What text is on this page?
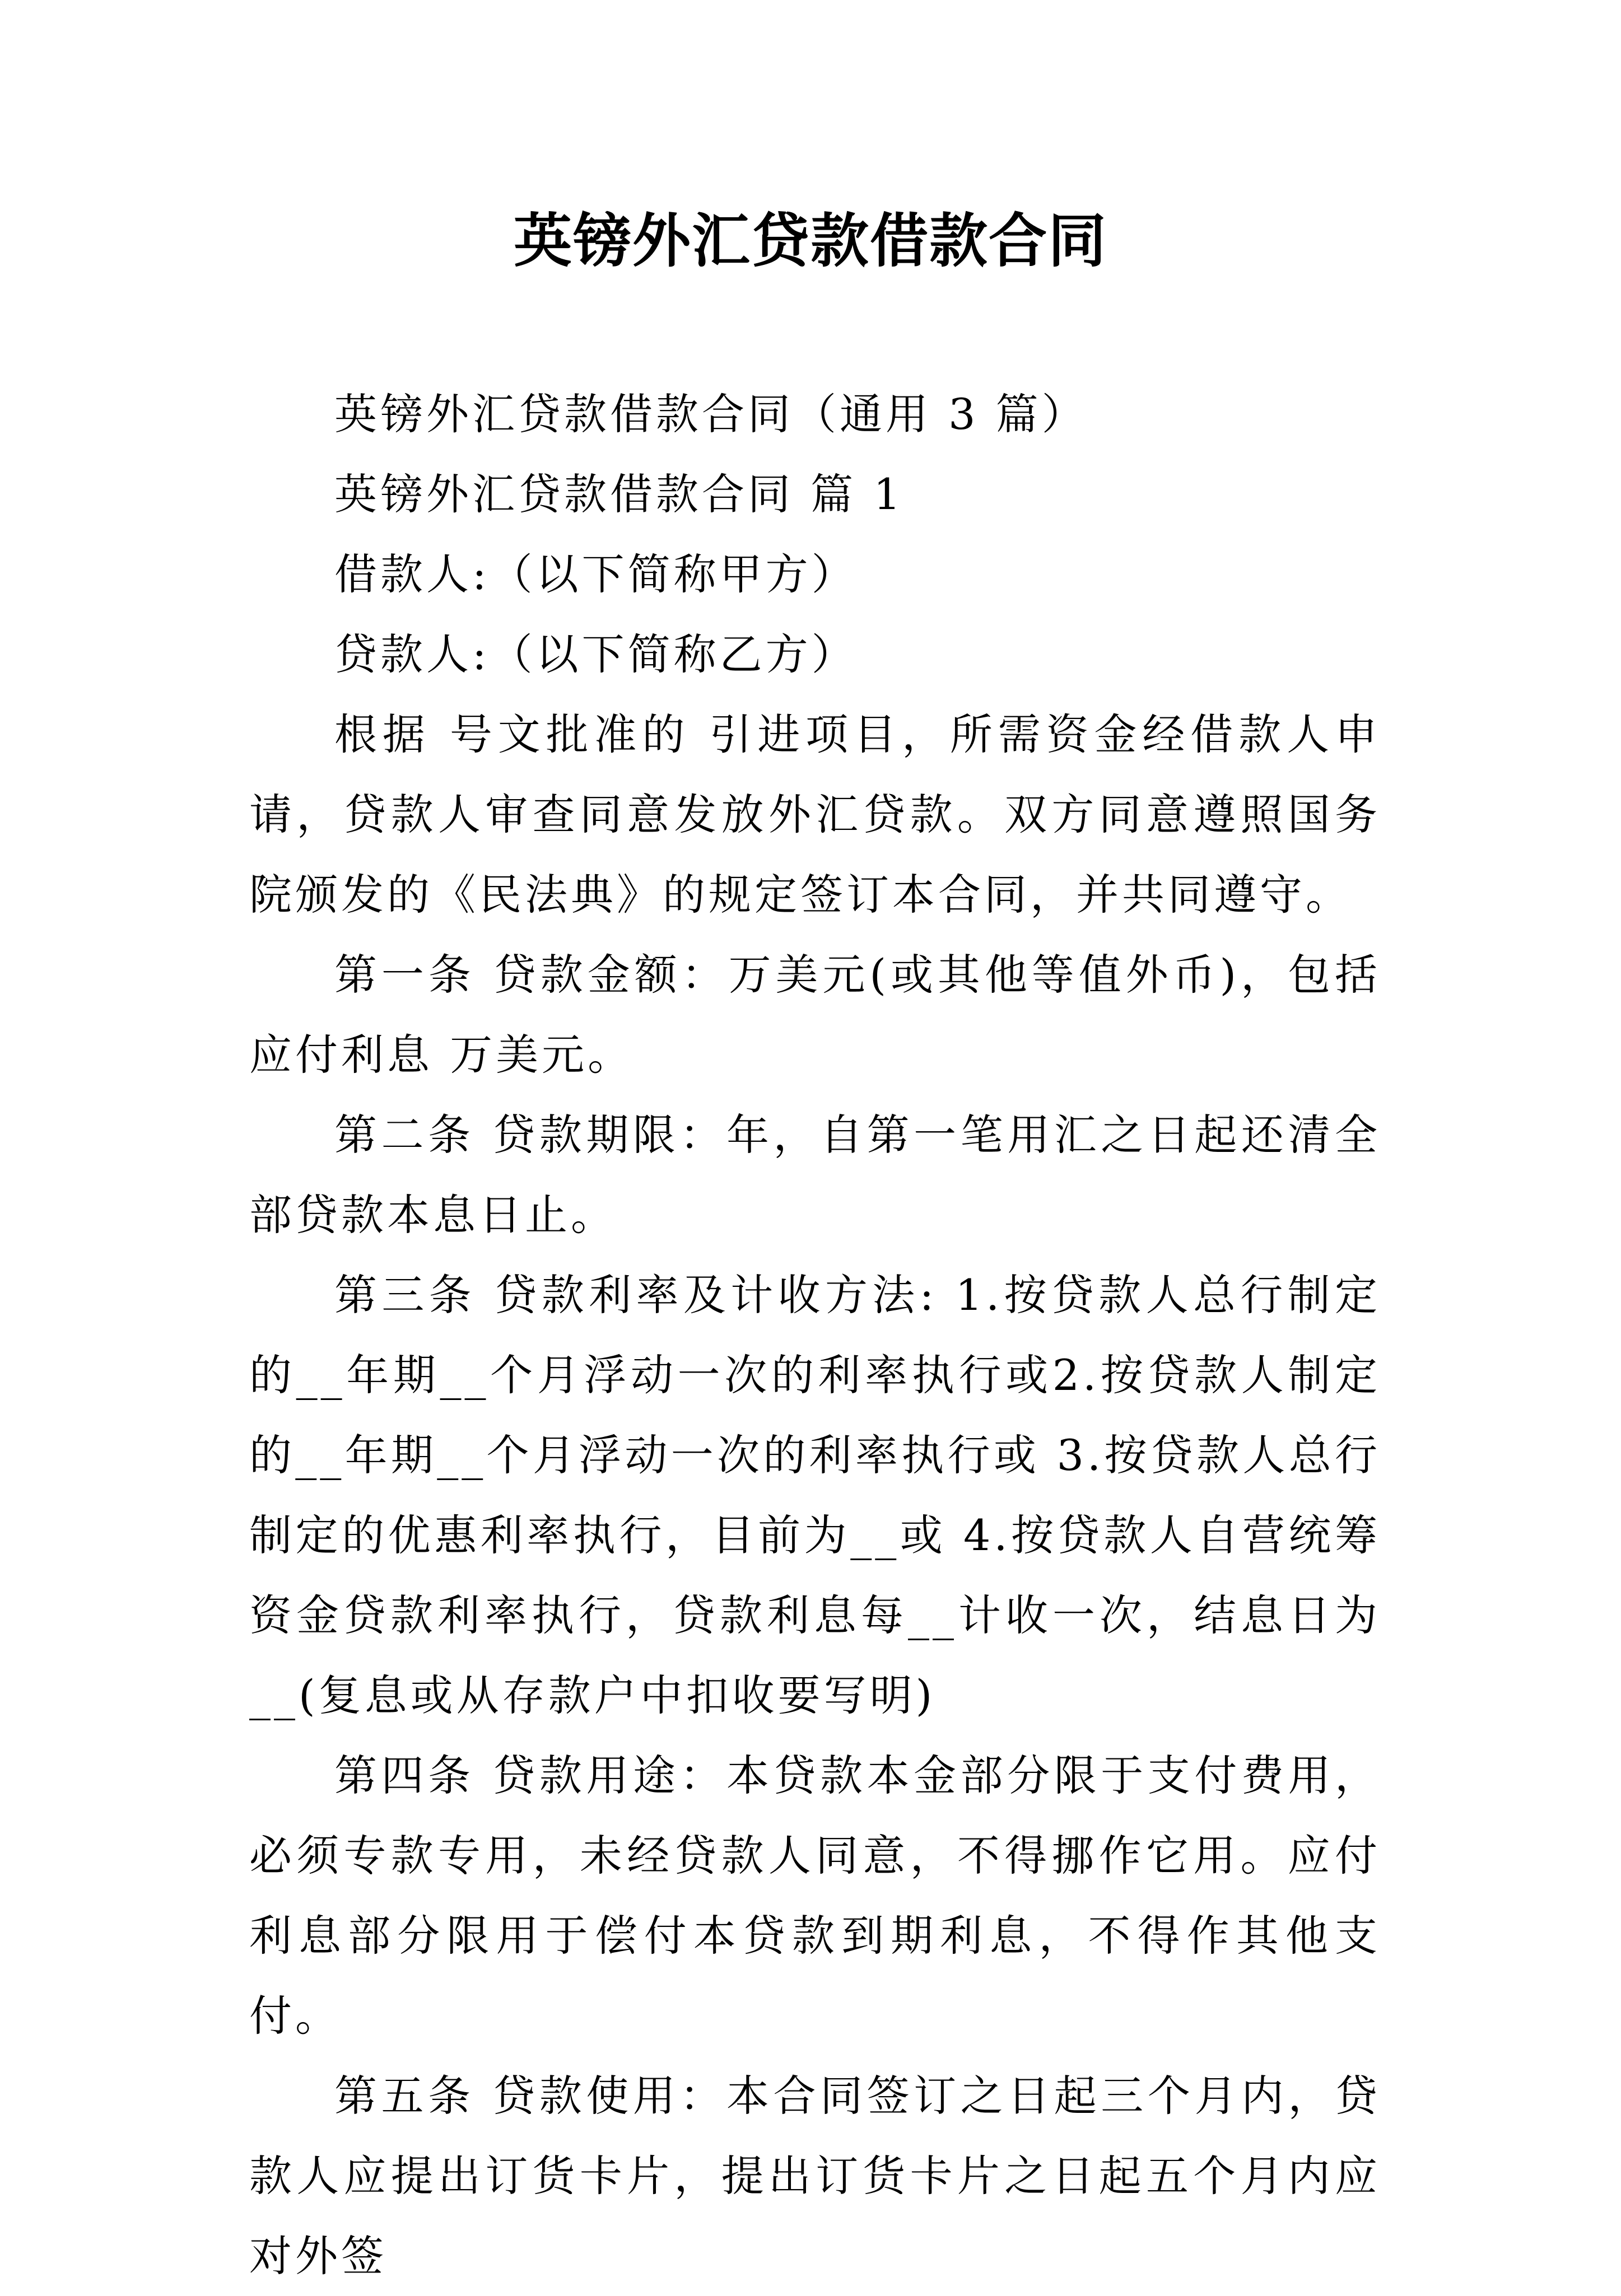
英镑外汇贷款借款合同

英镑外汇贷款借款合同（通用 3 篇）

英镑外汇贷款借款合同 篇 1

借款人:（以下简称甲方）

贷款人:（以下简称乙方）

根据 号文批准的 引进项目，所需资金经借款人申请，贷款人审查同意发放外汇贷款。双方同意遵照国务院颁发的《民法典》的规定签订本合同，并共同遵守。

第一条 贷款金额：万美元(或其他等值外币)，包括应付利息 万美元。

第二条 贷款期限：年，自第一笔用汇之日起还清全部贷款本息日止。

第三条 贷款利率及计收方法: 1.按贷款人总行制定的__年期__个月浮动一次的利率执行或2.按贷款人制定的__年期__个月浮动一次的利率执行或 3.按贷款人总行制定的优惠利率执行，目前为__或 4.按贷款人自营统筹资金贷款利率执行，贷款利息每__计收一次，结息日为__(复息或从存款户中扣收要写明)

第四条 贷款用途：本贷款本金部分限于支付费用，必须专款专用，未经贷款人同意，不得挪作它用。应付利息部分限用于偿付本贷款到期利息，不得作其他支付。

第五条 贷款使用：本合同签订之日起三个月内，贷款人应提出订货卡片，提出订货卡片之日起五个月内应对外签
